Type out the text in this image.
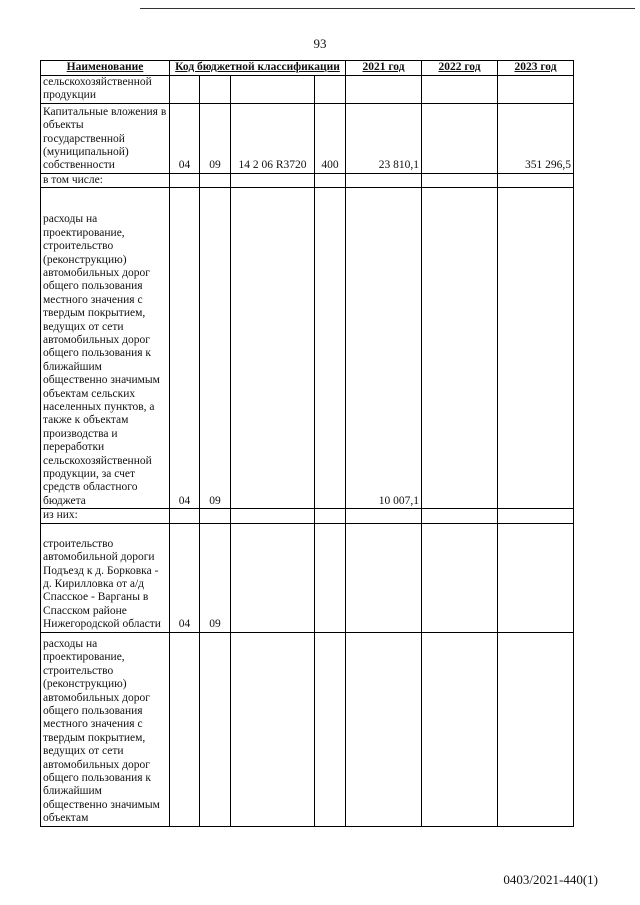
93
Наименование	Код бюджетной классификации				2021 год	2022 год	2023 год
сельскохозяйственной продукции							
Капитальные вложения в объекты государственной (муниципальной) собственности	04	09	14 2 06 R3720	400	23 810,1		351 296,5
в том числе:							
расходы на проектирование, строительство (реконструкцию) автомобильных дорог общего пользования местного значения с твердым покрытием, ведущих от сети автомобильных дорог общего пользования к ближайшим общественно значимым объектам сельских населенных пунктов, а также к объектам производства и переработки сельскохозяйственной продукции, за счет средств областного бюджета	04	09			10 007,1		
из них:							
строительство автомобильной дороги Подъезд к д. Борковка - д. Кирилловка от а/д Спасское - Варганы в Спасском районе Нижегородской области	04	09					
расходы на проектирование, строительство (реконструкцию) автомобильных дорог общего пользования местного значения с твердым покрытием, ведущих от сети автомобильных дорог общего пользования к ближайшим общественно значимым объектам							
0403/2021-440(1)
